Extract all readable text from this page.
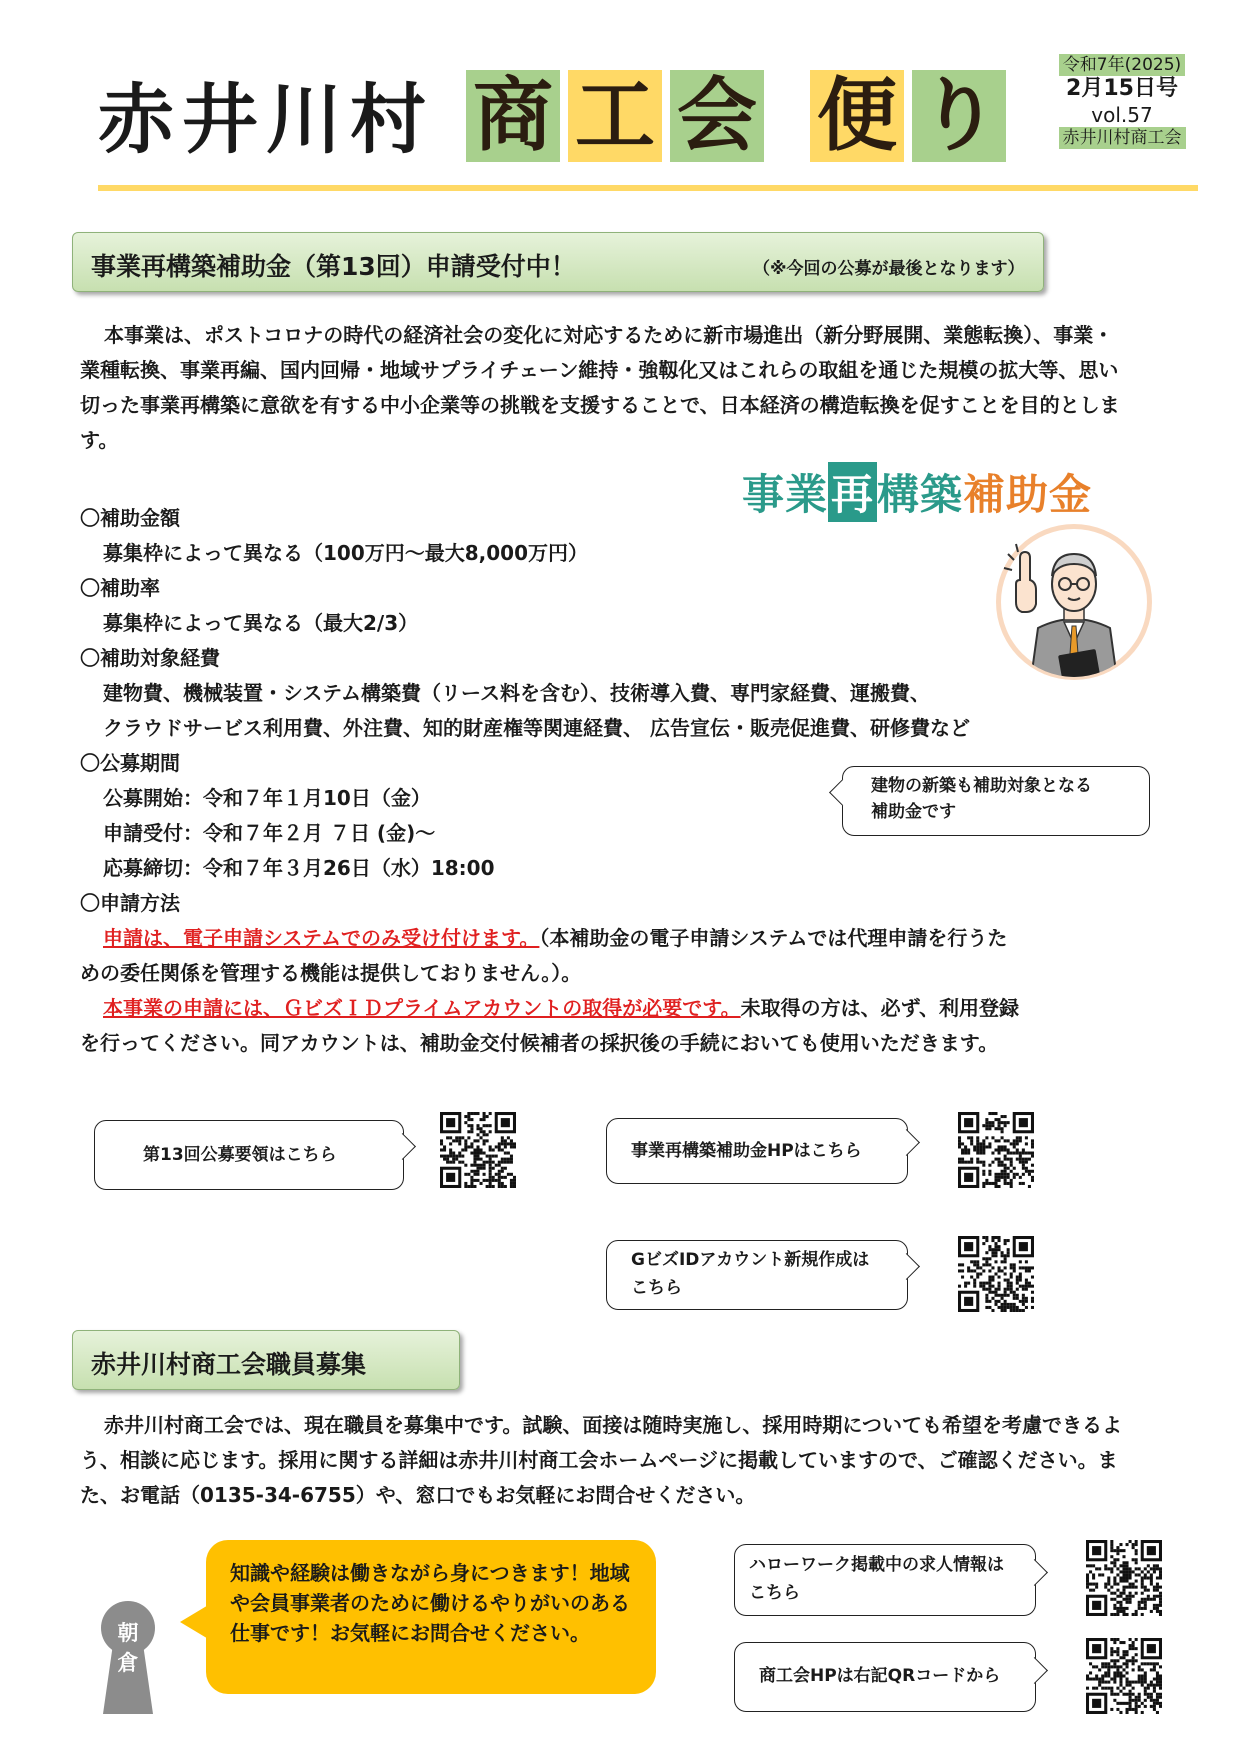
赤井川村 商 工 会 便 り
令和7年(2025)
2月15日号
vol.57
赤井川村商工会
事業再構築補助金（第13回）申請受付中！	（※今回の公募が最後となります）
本事業は、ポストコロナの時代の経済社会の変化に対応するために新市場進出（新分野展開、業態転換）、事業・業種転換、事業再編、国内回帰・地域サプライチェーン維持・強靱化又はこれらの取組を通じた規模の拡大等、思い切った事業再構築に意欲を有する中小企業等の挑戦を支援することで、日本経済の構造転換を促すことを目的とします。
事業再構築補助金
〇補助金額
募集枠によって異なる（100万円～最大8,000万円）
〇補助率
募集枠によって異なる（最大2/3）
〇補助対象経費
建物費、機械装置・システム構築費（リース料を含む）、技術導入費、専門家経費、運搬費、
クラウドサービス利用費、外注費、知的財産権等関連経費、 広告宣伝・販売促進費、研修費など
〇公募期間
公募開始：令和７年１月10日（金）
申請受付：令和７年２月 ７日 (金)～
応募締切：令和７年３月26日（水）18:00
〇申請方法
申請は、電子申請システムでのみ受け付けます。（本補助金の電子申請システムでは代理申請を行うた
めの委任関係を管理する機能は提供しておりません。）。
本事業の申請には、ＧビズＩＤプライムアカウントの取得が必要です。未取得の方は、必ず、利用登録
を行ってください。同アカウントは、補助金交付候補者の採択後の手続においても使用いただきます。
建物の新築も補助対象となる
補助金です
第13回公募要領はこちら	事業再構築補助金HPはこちら
GビズIDアカウント新規作成は
こちら
赤井川村商工会職員募集
赤井川村商工会では、現在職員を募集中です。試験、面接は随時実施し、採用時期についても希望を考慮できるよう、相談に応じます。採用に関する詳細は赤井川村商工会ホームページに掲載していますので、ご確認ください。また、お電話（0135-34-6755）や、窓口でもお気軽にお問合せください。
朝
倉
知識や経験は働きながら身につきます！地域や会員事業者のために働けるやりがいのある仕事です！お気軽にお問合せください。
ハローワーク掲載中の求人情報は
こちら
商工会HPは右記QRコードから
